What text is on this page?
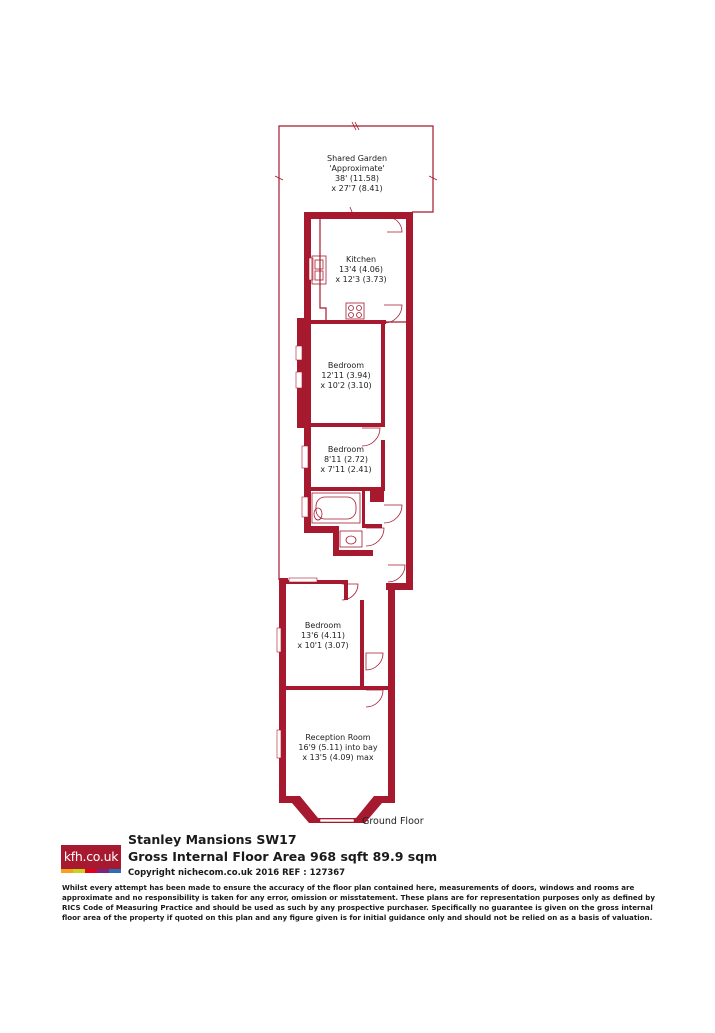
Shared Garden
'Approximate'
38' (11.58)
x 27'7 (8.41)
Kitchen
13'4 (4.06)
x 12'3 (3.73)
Bedroom
12'11 (3.94)
x 10'2 (3.10)
Bedroom
8'11 (2.72)
x 7'11 (2.41)
Bedroom
13'6 (4.11)
x 10'1 (3.07)
Reception Room
16'9 (5.11) into bay
x 13'5 (4.09) max
Ground Floor
kfh.co.uk
Stanley Mansions SW17
Gross Internal Floor Area 968 sqft 89.9 sqm
Copyright nichecom.co.uk 2016 REF : 127367
Whilst every attempt has been made to ensure the accuracy of the floor plan contained here, measurements of doors, windows and rooms are approximate and no responsibility is taken for any error, omission or misstatement. These plans are for representation purposes only as defined by RICS Code of Measuring Practice and should be used as such by any prospective purchaser. Specifically no guarantee is given on the gross internal floor area of the property if quoted on this plan and any figure given is for initial guidance only and should not be relied on as a basis of valuation.
